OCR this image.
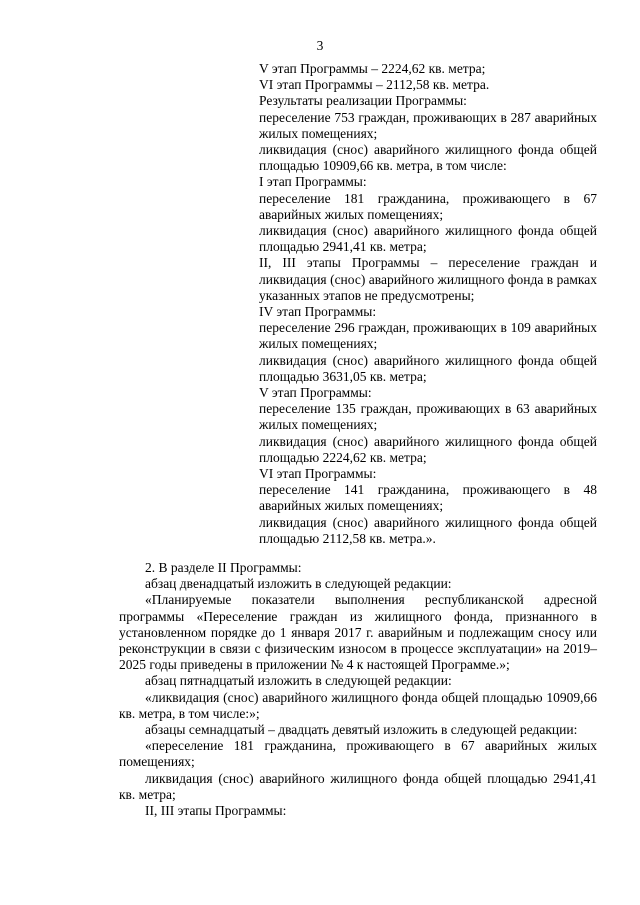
3

V этап Программы – 2224,62 кв. метра;

VI этап Программы – 2112,58 кв. метра.

Результаты реализации Программы:

переселение 753 граждан, проживающих в 287 аварийных жилых помещениях;

ликвидация (снос) аварийного жилищного фонда общей площадью 10909,66 кв. метра, в том числе:

I этап Программы:

переселение 181 гражданина, проживающего в 67 аварийных жилых помещениях;

ликвидация (снос) аварийного жилищного фонда общей площадью 2941,41 кв. метра;

II, III этапы Программы – переселение граждан и ликвидация (снос) аварийного жилищного фонда в рамках указанных этапов не предусмотрены;

IV этап Программы:

переселение 296 граждан, проживающих в 109 аварийных жилых помещениях;

ликвидация (снос) аварийного жилищного фонда общей площадью 3631,05 кв. метра;

V этап Программы:

переселение 135 граждан, проживающих в 63 аварийных жилых помещениях;

ликвидация (снос) аварийного жилищного фонда общей площадью 2224,62 кв. метра;

VI этап Программы:

переселение 141 гражданина, проживающего в 48 аварийных жилых помещениях;

ликвидация (снос) аварийного жилищного фонда общей площадью 2112,58 кв. метра.».

2. В разделе II Программы:

абзац двенадцатый изложить в следующей редакции:

«Планируемые показатели выполнения республиканской адресной программы «Переселение граждан из жилищного фонда, признанного в установленном порядке до 1 января 2017 г. аварийным и подлежащим сносу или реконструкции в связи с физическим износом в процессе эксплуатации» на 2019–2025 годы приведены в приложении № 4 к настоящей Программе.»;

абзац пятнадцатый изложить в следующей редакции:

«ликвидация (снос) аварийного жилищного фонда общей площадью 10909,66 кв. метра, в том числе:»;

абзацы семнадцатый – двадцать девятый изложить в следующей редакции:

«переселение 181 гражданина, проживающего в 67 аварийных жилых помещениях;

ликвидация (снос) аварийного жилищного фонда общей площадью 2941,41 кв. метра;

II, III этапы Программы:
